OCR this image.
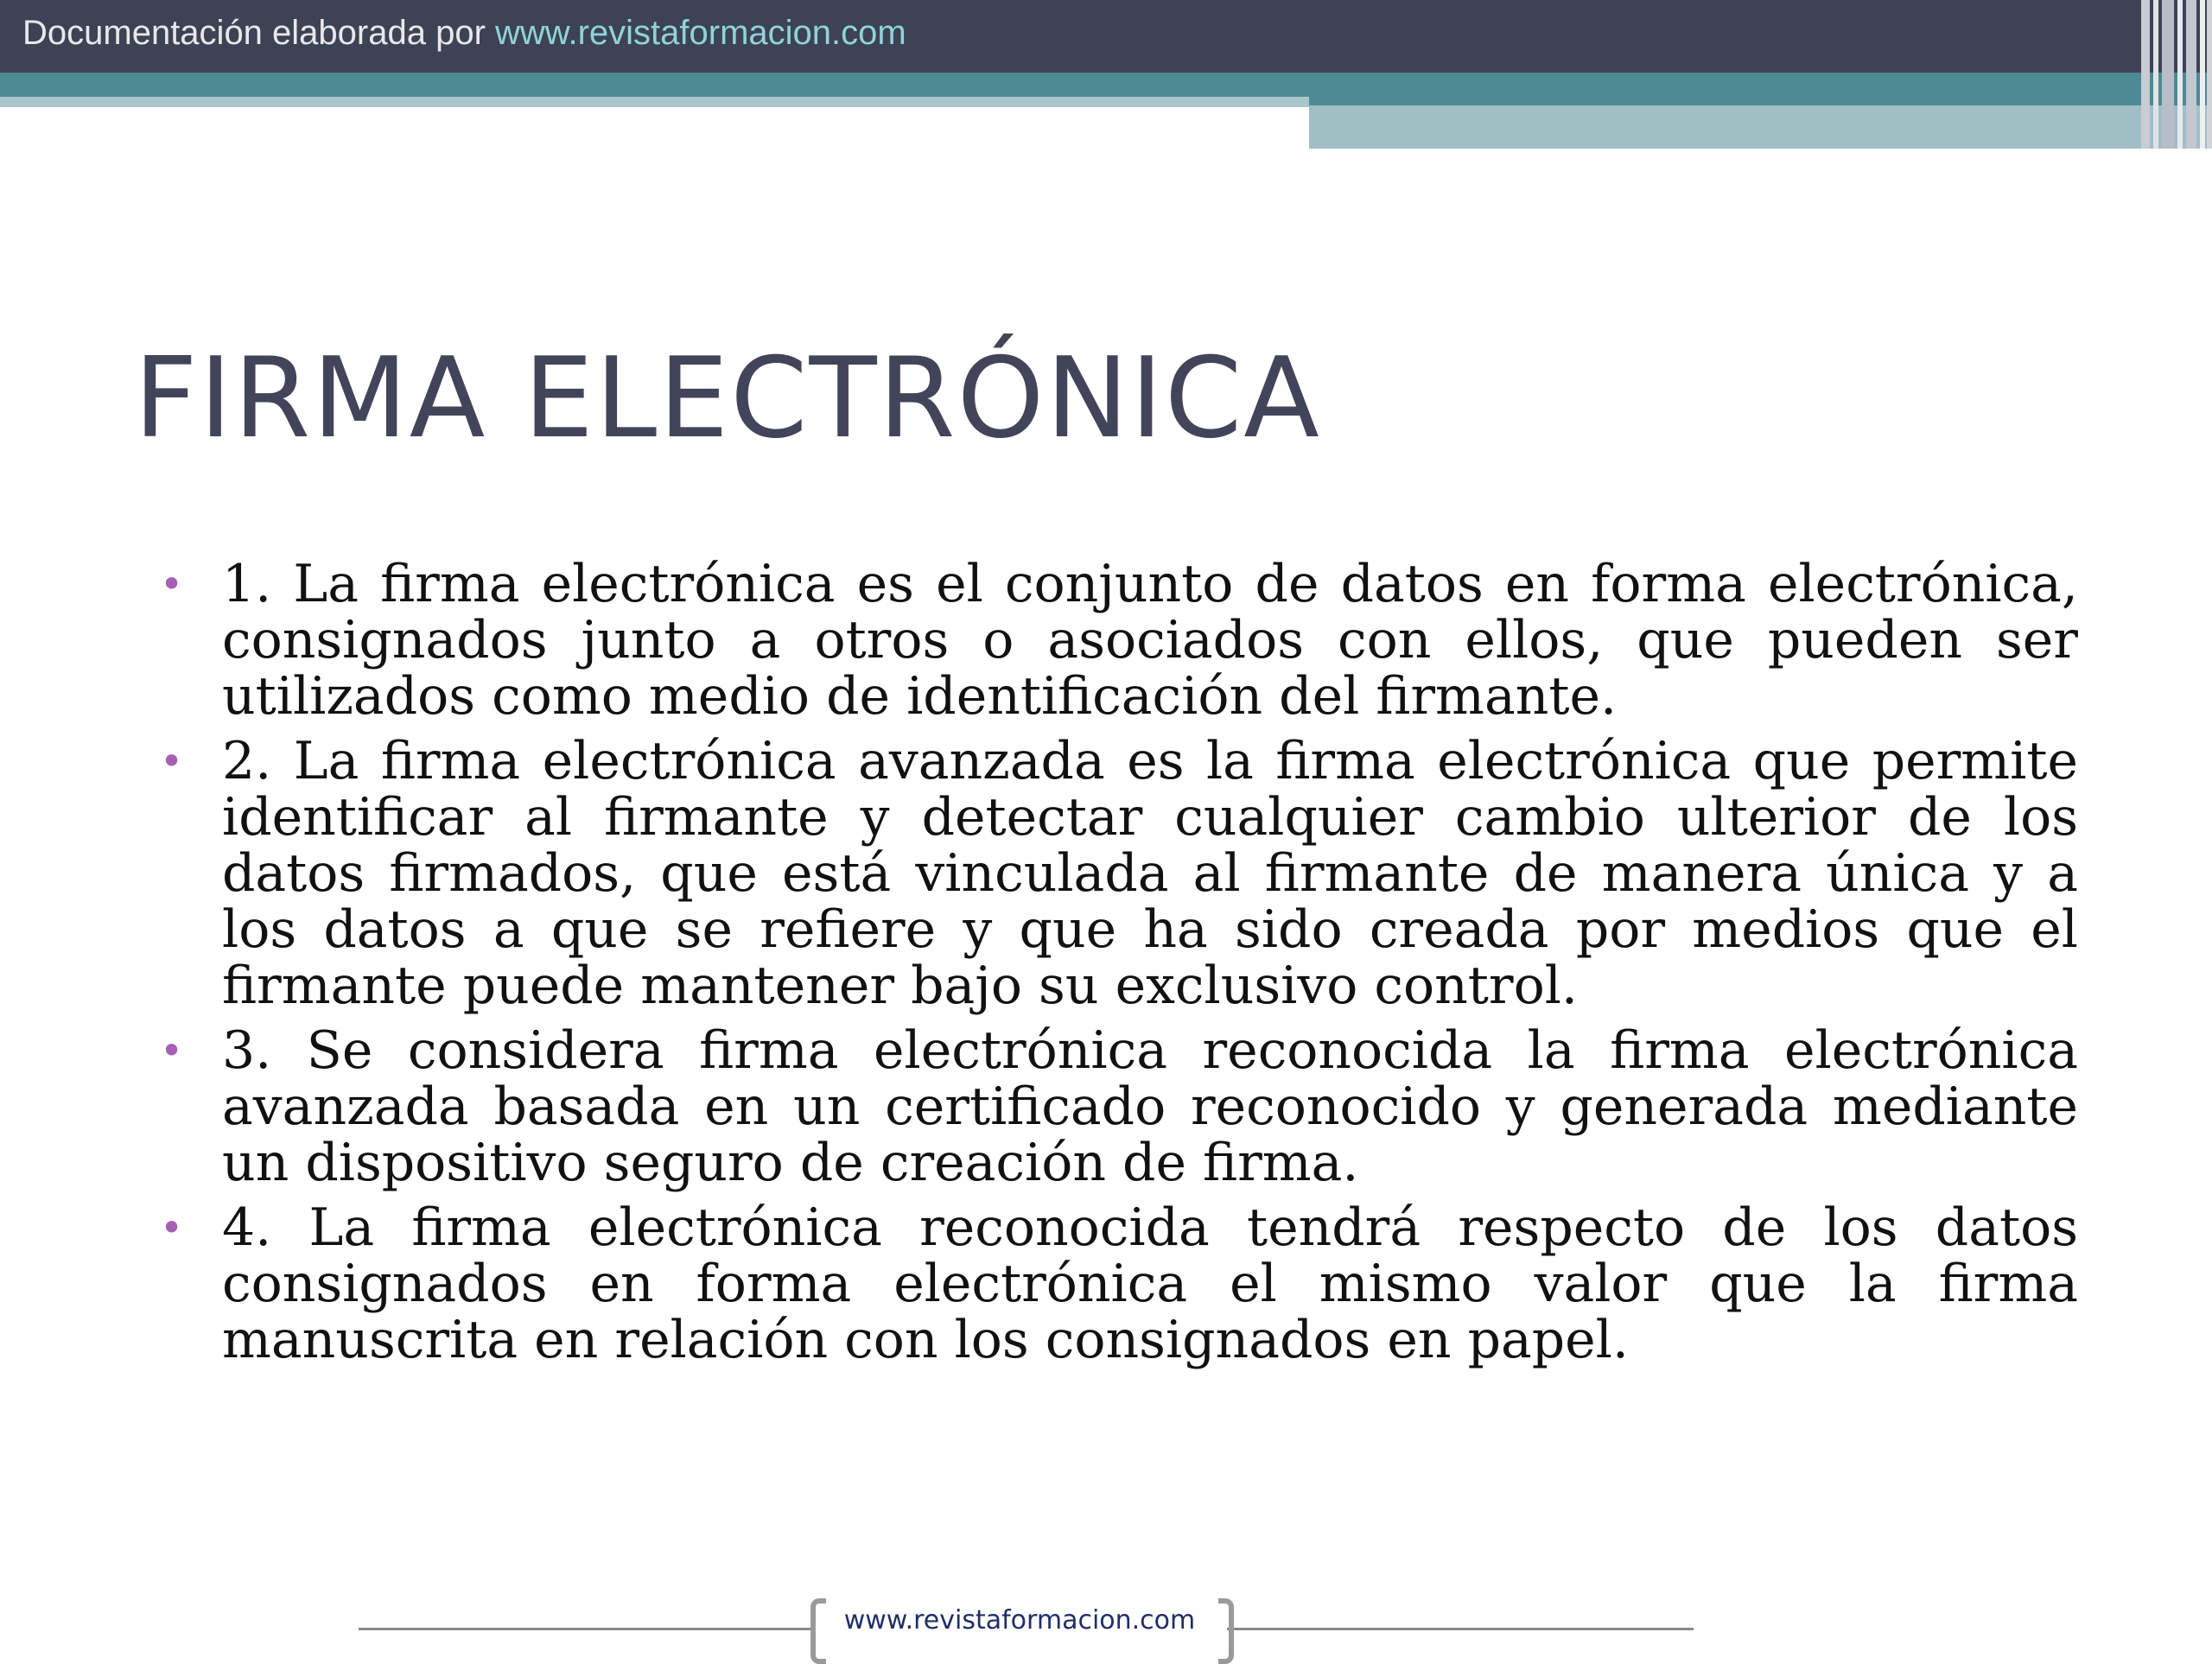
Documentación elaborada por www.revistaformacion.com
FIRMA ELECTRÓNICA
• 1. La firma electrónica es el conjunto de datos en forma electrónica, consignados junto a otros o asociados con ellos, que pueden ser utilizados como medio de identificación del firmante.
• 2. La firma electrónica avanzada es la firma electrónica que permite identificar al firmante y detectar cualquier cambio ulterior de los datos firmados, que está vinculada al firmante de manera única y a los datos a que se refiere y que ha sido creada por medios que el firmante puede mantener bajo su exclusivo control.
• 3. Se considera firma electrónica reconocida la firma electrónica avanzada basada en un certificado reconocido y generada mediante un dispositivo seguro de creación de firma.
• 4. La firma electrónica reconocida tendrá respecto de los datos consignados en forma electrónica el mismo valor que la firma manuscrita en relación con los consignados en papel.
www.revistaformacion.com
